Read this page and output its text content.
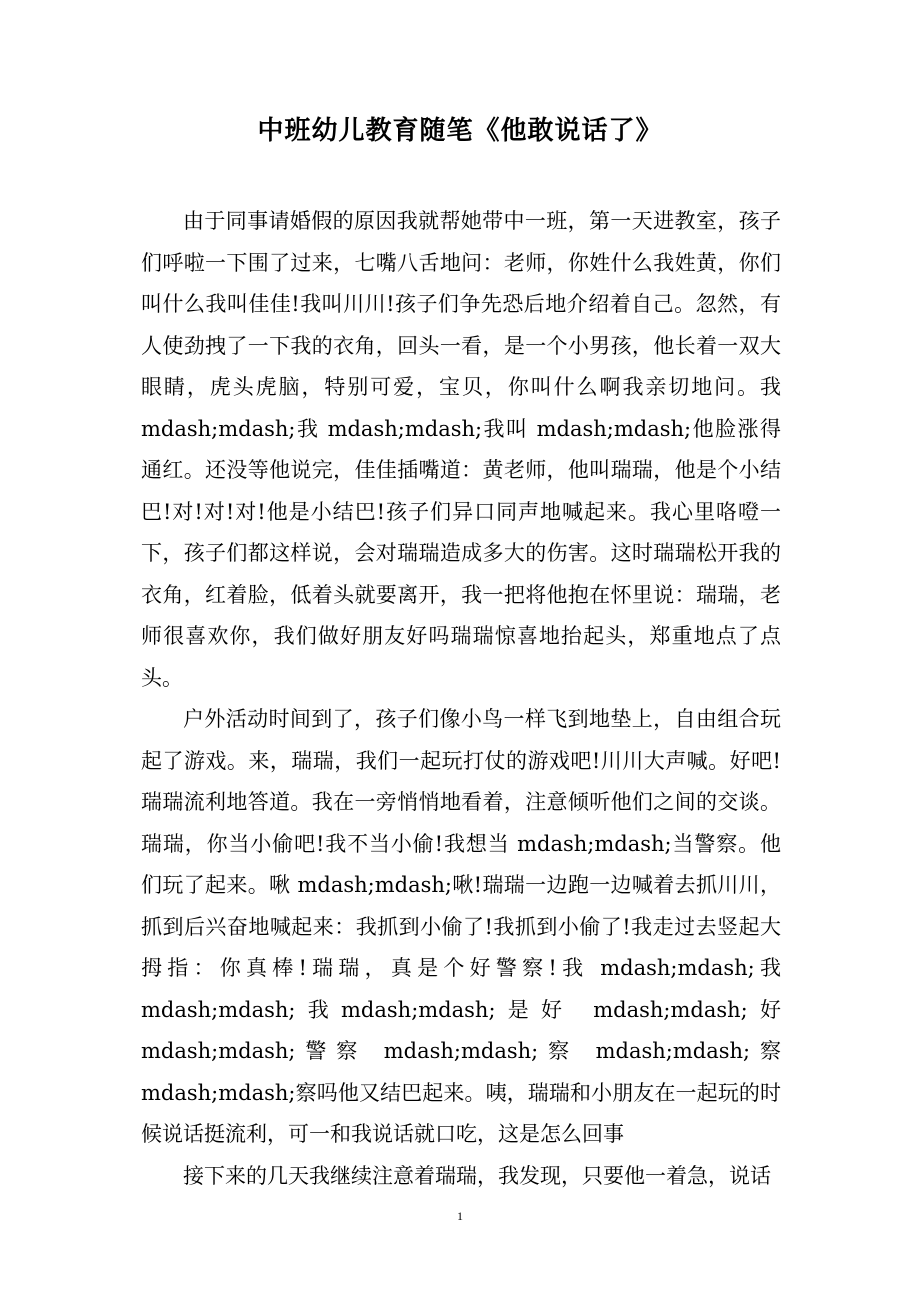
中班幼儿教育随笔《他敢说话了》

由于同事请婚假的原因我就帮她带中一班，第一天进教室，孩子们呼啦一下围了过来，七嘴八舌地问：老师，你姓什么我姓黄，你们叫什么我叫佳佳!我叫川川!孩子们争先恐后地介绍着自己。忽然，有人使劲拽了一下我的衣角，回头一看，是一个小男孩，他长着一双大眼睛，虎头虎脑，特别可爱，宝贝，你叫什么啊我亲切地问。我mdash;mdash;我 mdash;mdash;我叫 mdash;mdash;他脸涨得通红。还没等他说完，佳佳插嘴道：黄老师，他叫瑞瑞，他是个小结巴!对!对!对!他是小结巴!孩子们异口同声地喊起来。我心里咯噔一下，孩子们都这样说，会对瑞瑞造成多大的伤害。这时瑞瑞松开我的衣角，红着脸，低着头就要离开，我一把将他抱在怀里说：瑞瑞，老师很喜欢你，我们做好朋友好吗瑞瑞惊喜地抬起头，郑重地点了点头。

户外活动时间到了，孩子们像小鸟一样飞到地垫上，自由组合玩起了游戏。来，瑞瑞，我们一起玩打仗的游戏吧!川川大声喊。好吧!瑞瑞流利地答道。我在一旁悄悄地看着，注意倾听他们之间的交谈。瑞瑞，你当小偷吧!我不当小偷!我想当 mdash;mdash;当警察。他们玩了起来。啾 mdash;mdash;啾!瑞瑞一边跑一边喊着去抓川川，抓到后兴奋地喊起来：我抓到小偷了!我抓到小偷了!我走过去竖起大拇指：你真棒!瑞瑞，真是个好警察!我 mdash;mdash;我 mdash;mdash;我mdash;mdash;是好 mdash;mdash;好 mdash;mdash;警察 mdash;mdash;察 mdash;mdash;察 mdash;mdash;察吗他又结巴起来。咦，瑞瑞和小朋友在一起玩的时候说话挺流利，可一和我说话就口吃，这是怎么回事

接下来的几天我继续注意着瑞瑞，我发现，只要他一着急，说话

1
